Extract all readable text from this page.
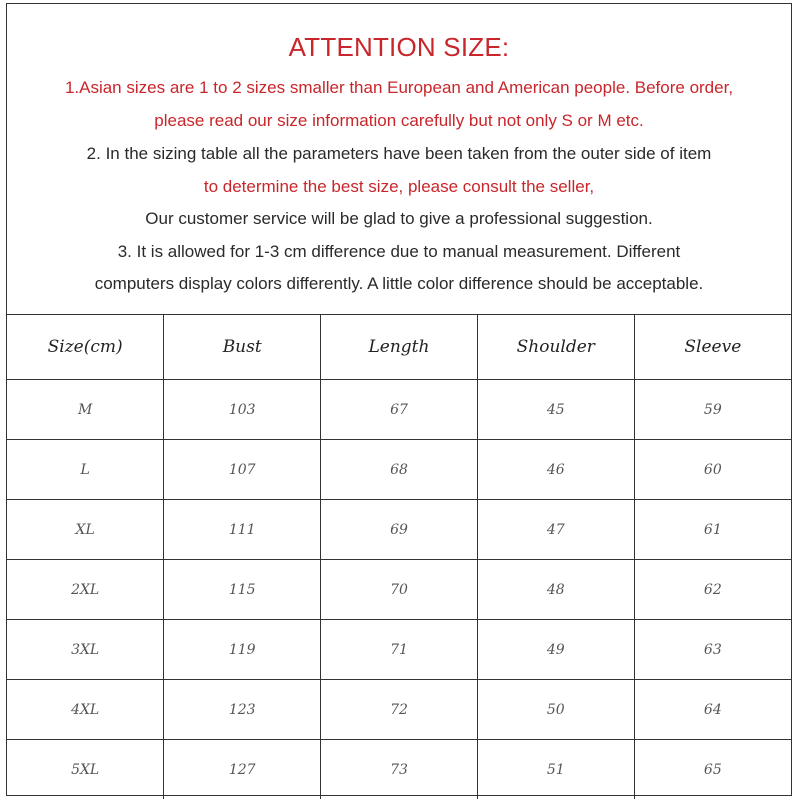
ATTENTION SIZE:
1.Asian sizes are 1 to 2 sizes smaller than European and American people. Before order,
please read our size information carefully but not only S or M etc.
2. In the sizing table all the parameters have been taken from the outer side of item
to determine the best size, please consult the seller,
Our customer service will be glad to give a professional suggestion.
3. It is allowed for 1-3 cm difference due to manual measurement. Different
computers display colors differently. A little color difference should be acceptable.
Size(cm)	Bust	Length	Shoulder	Sleeve
M	103	67	45	59
L	107	68	46	60
XL	111	69	47	61
2XL	115	70	48	62
3XL	119	71	49	63
4XL	123	72	50	64
5XL	127	73	51	65
